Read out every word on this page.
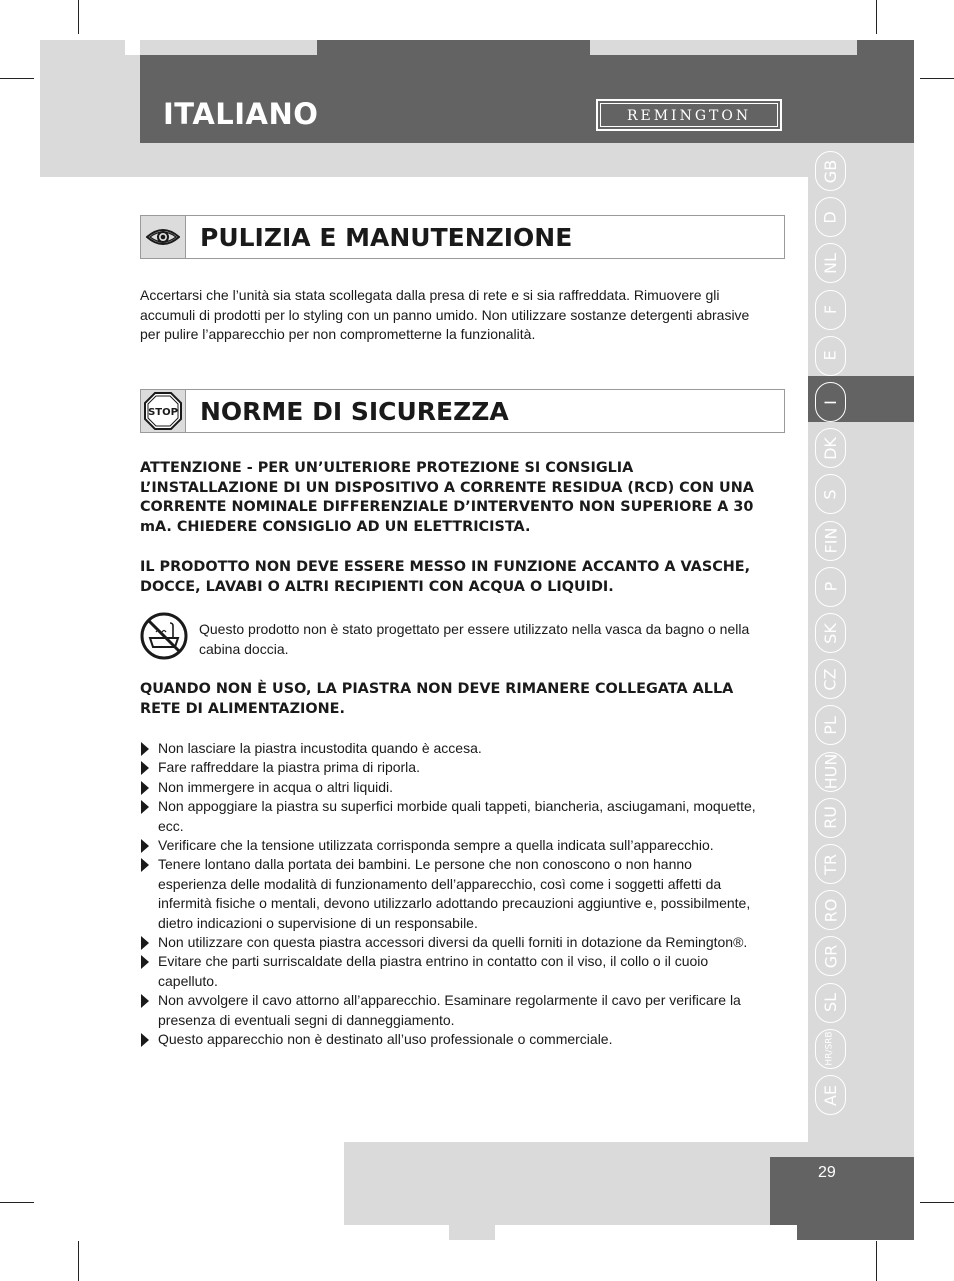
ITALIANO	REMINGTON
GB
D
NL
F
E
I
DK
S
FIN
P
SK
CZ
PL
HUN
RU
TR
RO
GR
SL
HR/SRB
AE
PULIZIA E MANUTENZIONE
Accertarsi che l’unità sia stata scollegata dalla presa di rete e si sia raffreddata. Rimuovere gli accumuli di prodotti per lo styling con un panno umido. Non utilizzare sostanze detergenti abrasive per pulire l’apparecchio per non comprometterne la funzionalità.
STOP NORME DI SICUREZZA
ATTENZIONE - PER UN’ULTERIORE PROTEZIONE SI CONSIGLIA L’INSTALLAZIONE DI UN DISPOSITIVO A CORRENTE RESIDUA (RCD) CON UNA CORRENTE NOMINALE DIFFERENZIALE D’INTERVENTO NON SUPERIORE A 30 mA. CHIEDERE CONSIGLIO AD UN ELETTRICISTA.
IL PRODOTTO NON DEVE ESSERE MESSO IN FUNZIONE ACCANTO A VASCHE, DOCCE, LAVABI O ALTRI RECIPIENTI CON ACQUA O LIQUIDI.
Questo prodotto non è stato progettato per essere utilizzato nella vasca da bagno o nella cabina doccia.
QUANDO NON È USO, LA PIASTRA NON DEVE RIMANERE COLLEGATA ALLA RETE DI ALIMENTAZIONE.
Non lasciare la piastra incustodita quando è accesa.
Fare raffreddare la piastra prima di riporla.
Non immergere in acqua o altri liquidi.
Non appoggiare la piastra su superfici morbide quali tappeti, biancheria, asciugamani, moquette, ecc.
Verificare che la tensione utilizzata corrisponda sempre a quella indicata sull’apparecchio.
Tenere lontano dalla portata dei bambini. Le persone che non conoscono o non hanno esperienza delle modalità di funzionamento dell’apparecchio, così come i soggetti affetti da infermità fisiche o mentali, devono utilizzarlo adottando precauzioni aggiuntive e, possibilmente, dietro indicazioni o supervisione di un responsabile.
Non utilizzare con questa piastra accessori diversi da quelli forniti in dotazione da Remington®.
Evitare che parti surriscaldate della piastra entrino in contatto con il viso, il collo o il cuoio capelluto.
Non avvolgere il cavo attorno all’apparecchio. Esaminare regolarmente il cavo per verificare la presenza di eventuali segni di danneggiamento.
Questo apparecchio non è destinato all’uso professionale o commerciale.
29
